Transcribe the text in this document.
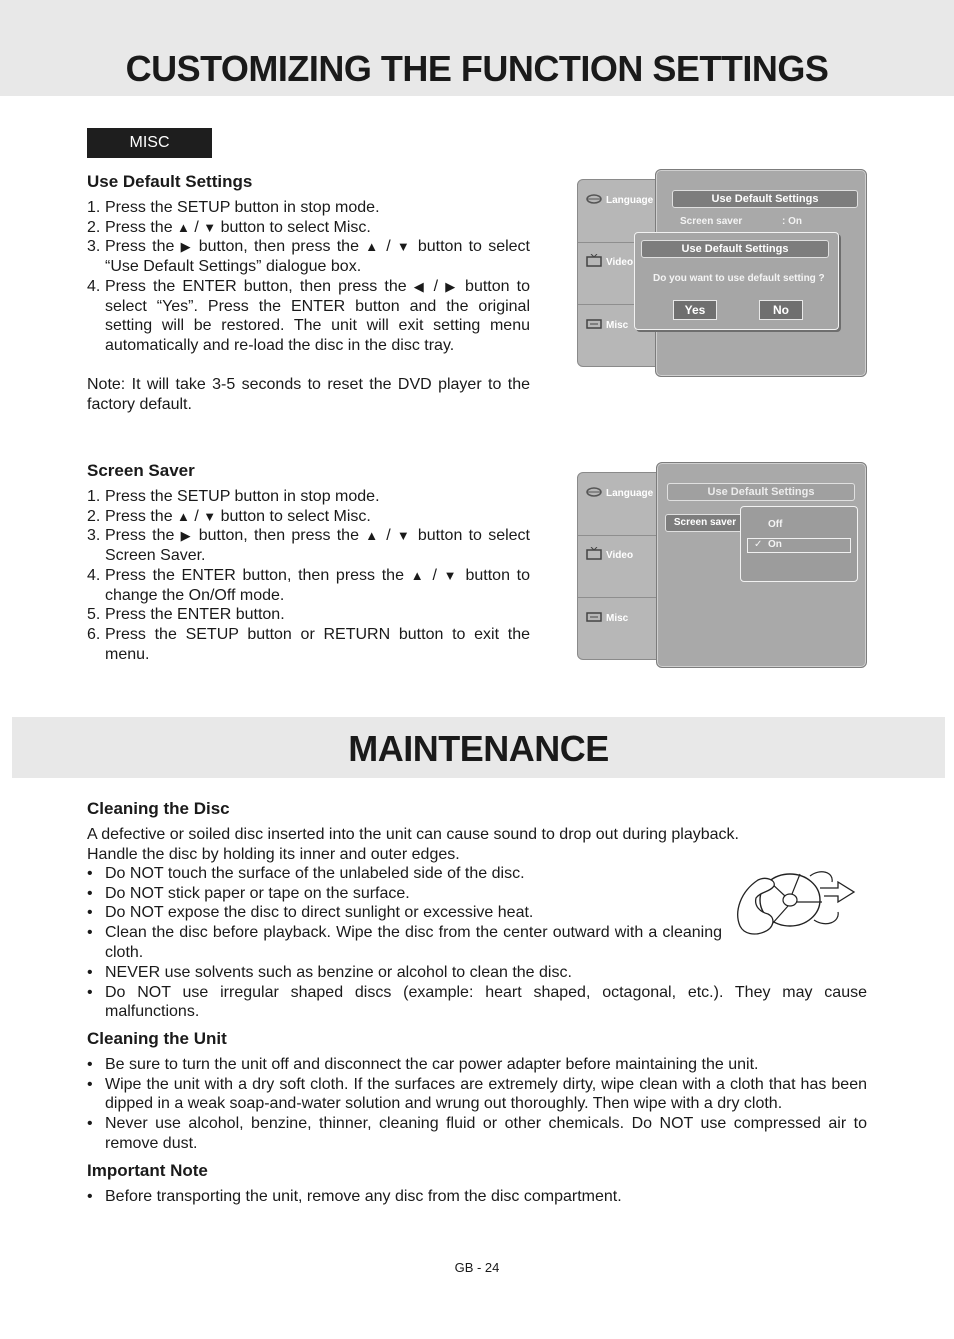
CUSTOMIZING THE FUNCTION SETTINGS
MISC
Use Default Settings
1. Press the SETUP button in stop mode.
2. Press the ▲ / ▼ button to select Misc.
3. Press the ▶ button, then press the ▲ / ▼ button to select “Use Default Settings” dialogue box.
4. Press the ENTER button, then press the ◀ / ▶ button to select “Yes”. Press the ENTER button and the original setting will be restored. The unit will exit setting menu automatically and re-load the disc in the disc tray.
Note: It will take 3-5 seconds to reset the DVD player to the factory default.
Language
Video
Misc
Use Default Settings
Screen saver	: On
Use Default Settings
Do you want to use default setting ?
Yes	No
Screen Saver
1. Press the SETUP button in stop mode.
2. Press the ▲ / ▼ button to select Misc.
3. Press the ▶ button, then press the ▲ / ▼ button to select Screen Saver.
4. Press the ENTER button, then press the ▲ / ▼ button to change the On/Off mode.
5. Press the ENTER button.
6. Press the SETUP button or RETURN button to exit the menu.
Language
Video
Misc
Use Default Settings
Screen saver	Off
✓ On
MAINTENANCE
Cleaning the Disc
A defective or soiled disc inserted into the unit can cause sound to drop out during playback.
Handle the disc by holding its inner and outer edges.
• Do NOT touch the surface of the unlabeled side of the disc.
• Do NOT stick paper or tape on the surface.
• Do NOT expose the disc to direct sunlight or excessive heat.
• Clean the disc before playback. Wipe the disc from the center outward with a cleaning cloth.
• NEVER use solvents such as benzine or alcohol to clean the disc.
• Do NOT use irregular shaped discs (example: heart shaped, octagonal, etc.). They may cause malfunctions.
Cleaning the Unit
• Be sure to turn the unit off and disconnect the car power adapter before maintaining the unit.
• Wipe the unit with a dry soft cloth. If the surfaces are extremely dirty, wipe clean with a cloth that has been dipped in a weak soap-and-water solution and wrung out thoroughly. Then wipe with a dry cloth.
• Never use alcohol, benzine, thinner, cleaning fluid or other chemicals. Do NOT use compressed air to remove dust.
Important Note
• Before transporting the unit, remove any disc from the disc compartment.
GB - 24
